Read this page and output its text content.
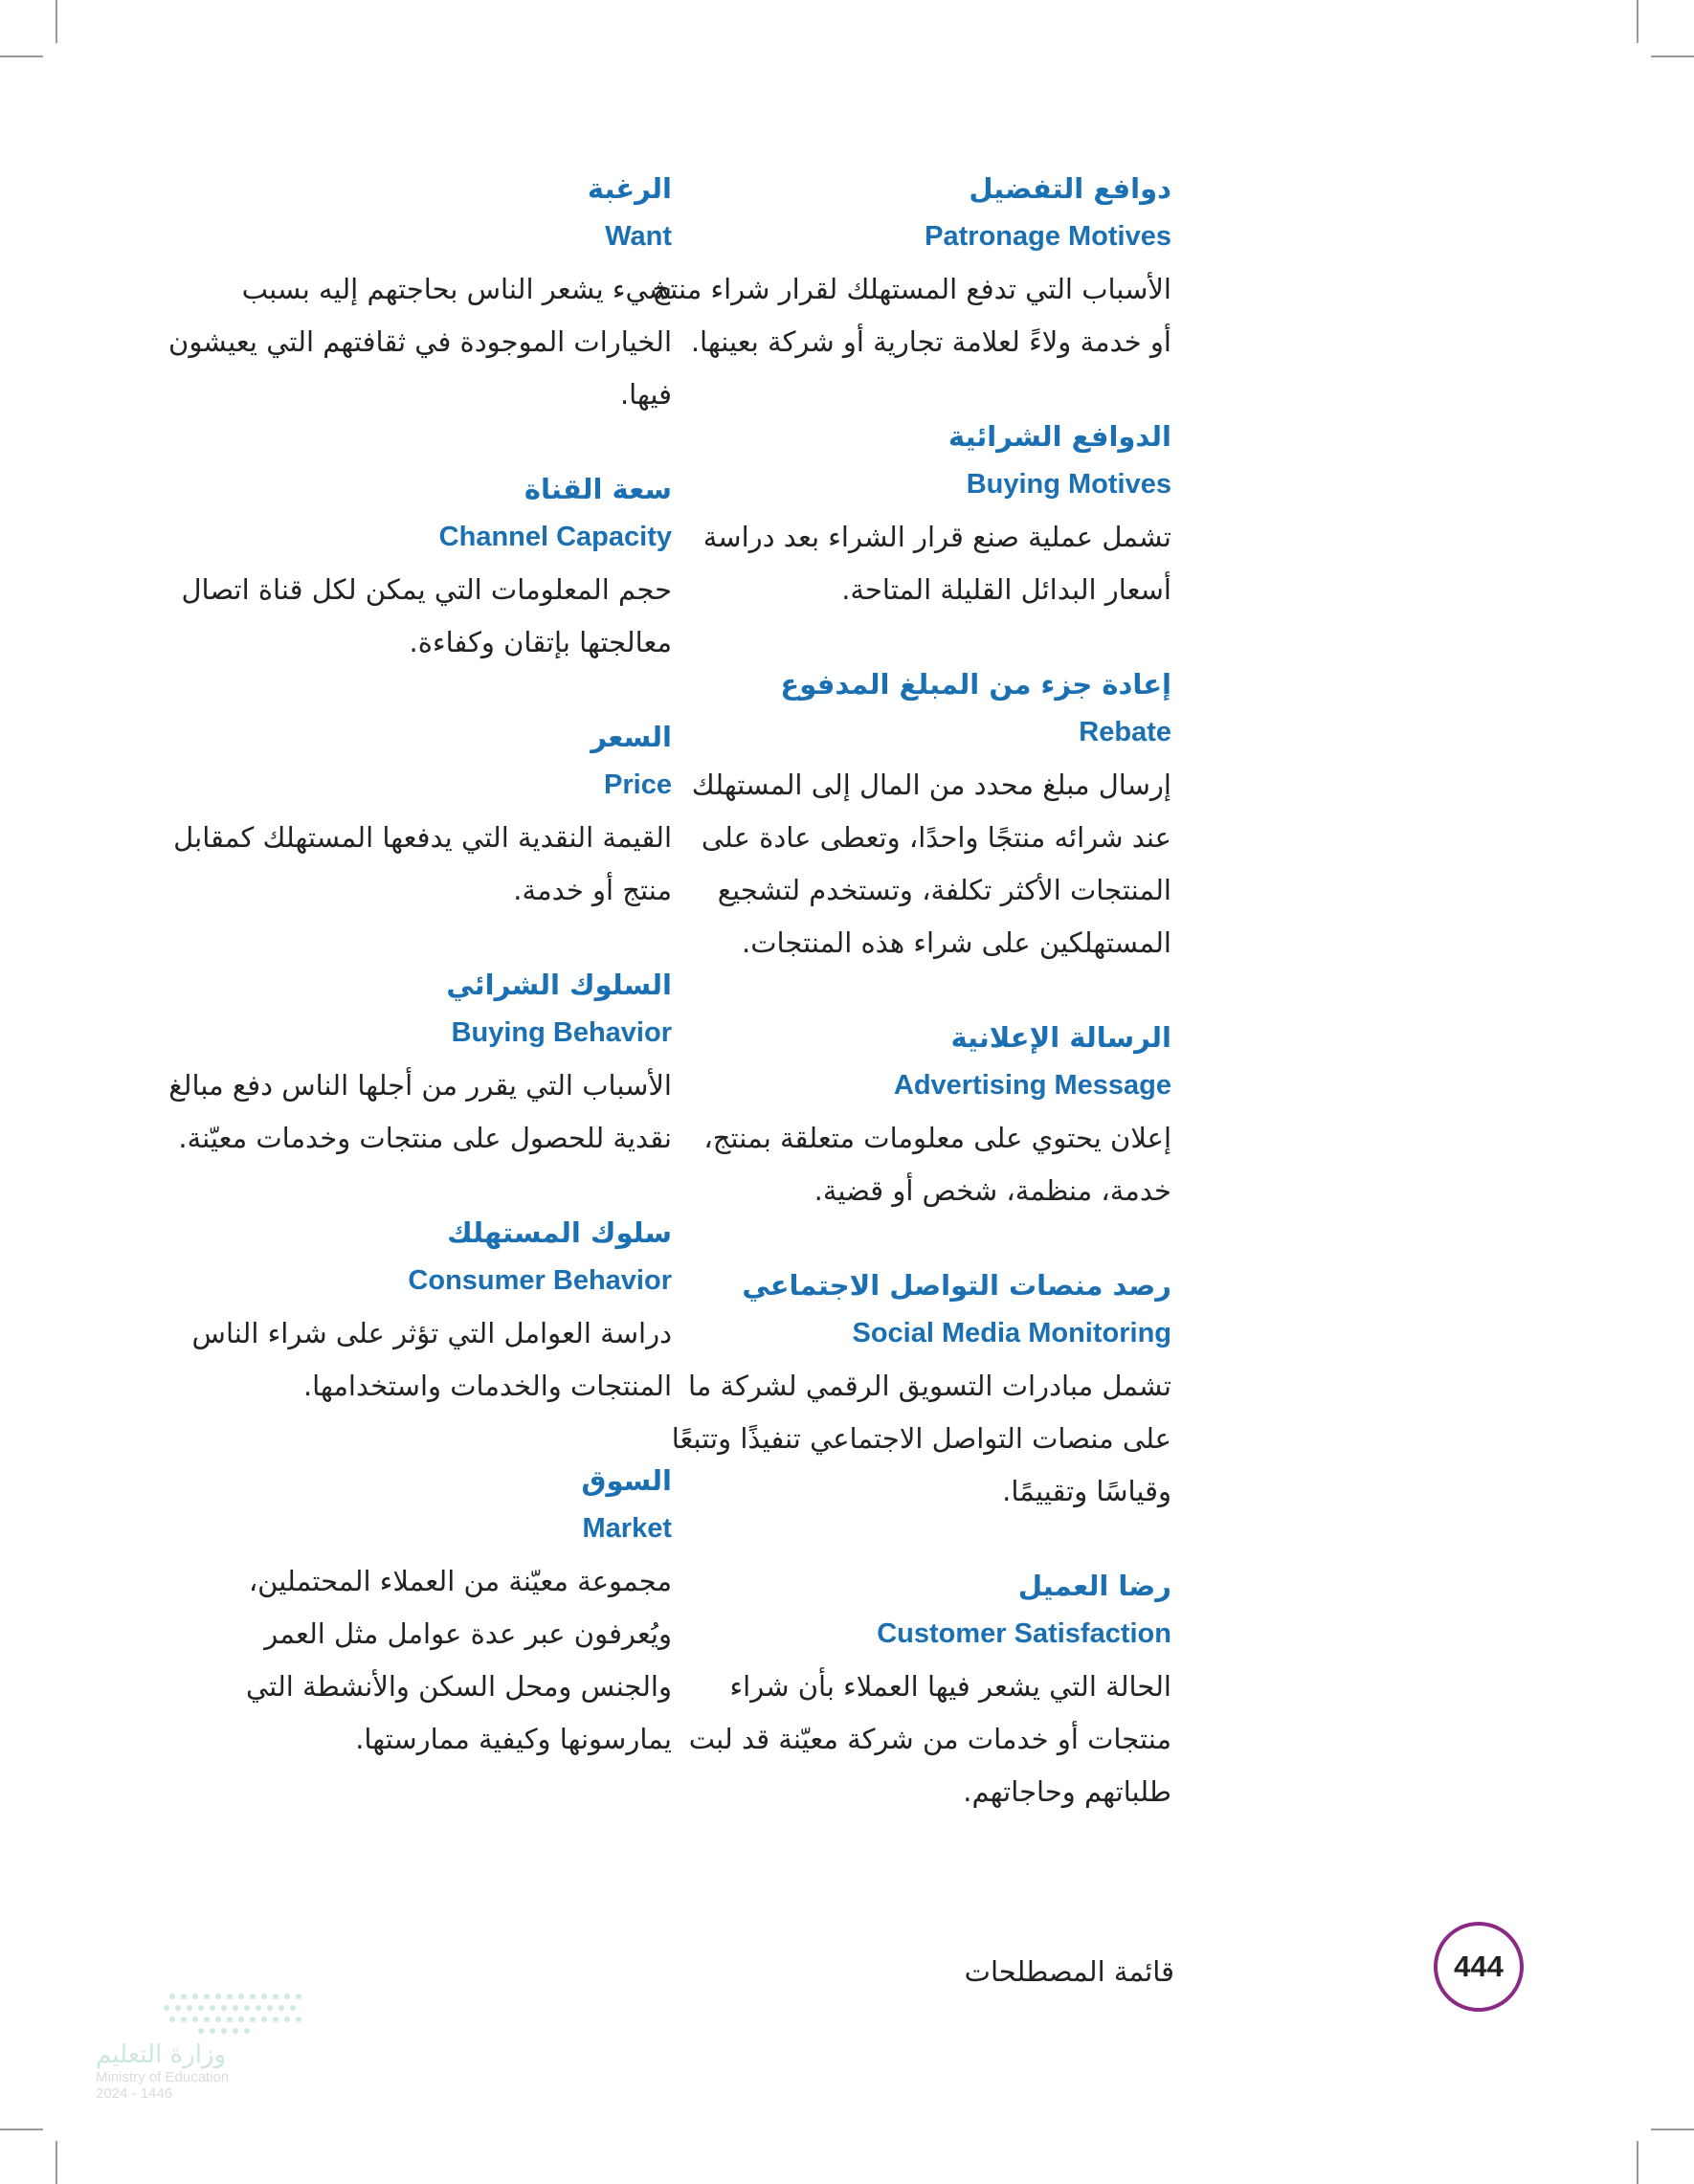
دوافع التفضيل
Patronage Motives
الأسباب التي تدفع المستهلك لقرار شراء منتج أو خدمة ولاءً لعلامة تجارية أو شركة بعينها.
الدوافع الشرائية
Buying Motives
تشمل عملية صنع قرار الشراء بعد دراسة أسعار البدائل القليلة المتاحة.
إعادة جزء من المبلغ المدفوع
Rebate
إرسال مبلغ محدد من المال إلى المستهلك عند شرائه منتجًا واحدًا، وتعطى عادة على المنتجات الأكثر تكلفة، وتستخدم لتشجيع المستهلكين على شراء هذه المنتجات.
الرسالة الإعلانية
Advertising Message
إعلان يحتوي على معلومات متعلقة بمنتج، خدمة، منظمة، شخص أو قضية.
رصد منصات التواصل الاجتماعي
Social Media Monitoring
تشمل مبادرات التسويق الرقمي لشركة ما على منصات التواصل الاجتماعي تنفيذًا وتتبعًا وقياسًا وتقييمًا.
رضا العميل
Customer Satisfaction
الحالة التي يشعر فيها العملاء بأن شراء منتجات أو خدمات من شركة معيّنة قد لبت طلباتهم وحاجاتهم.
الرغبة
Want
شيء يشعر الناس بحاجتهم إليه بسبب الخيارات الموجودة في ثقافتهم التي يعيشون فيها.
سعة القناة
Channel Capacity
حجم المعلومات التي يمكن لكل قناة اتصال معالجتها بإتقان وكفاءة.
السعر
Price
القيمة النقدية التي يدفعها المستهلك كمقابل منتج أو خدمة.
السلوك الشرائي
Buying Behavior
الأسباب التي يقرر من أجلها الناس دفع مبالغ نقدية للحصول على منتجات وخدمات معيّنة.
سلوك المستهلك
Consumer Behavior
دراسة العوامل التي تؤثر على شراء الناس المنتجات والخدمات واستخدامها.
السوق
Market
مجموعة معيّنة من العملاء المحتملين، ويُعرفون عبر عدة عوامل مثل العمر والجنس ومحل السكن والأنشطة التي يمارسونها وكيفية ممارستها.
قائمة المصطلحات	444
وزارة التعليم
Ministry of Education
2024 - 1446
